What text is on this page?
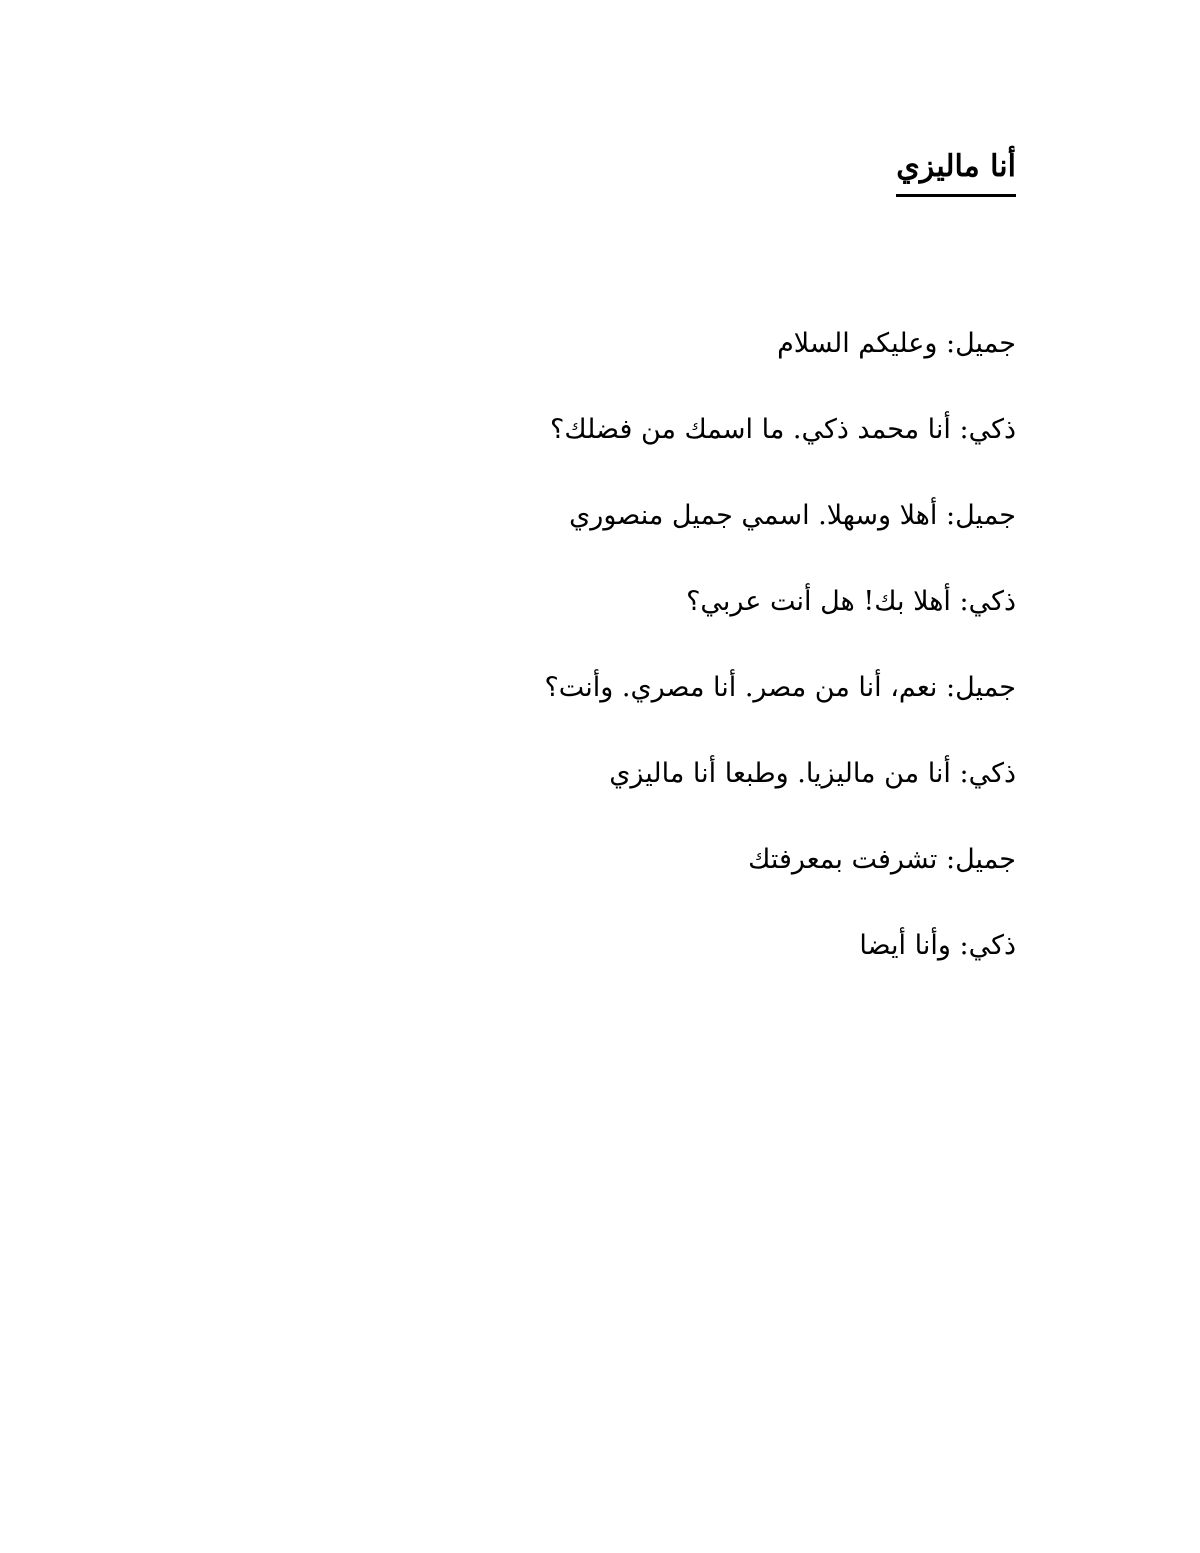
أنا ماليزي
جميل: وعليكم السلام
ذكي: أنا محمد ذكي. ما اسمك من فضلك؟
جميل: أهلا وسهلا. اسمي جميل منصوري
ذكي: أهلا بك! هل أنت عربي؟
جميل: نعم، أنا من مصر. أنا مصري. وأنت؟
ذكي: أنا من ماليزيا. وطبعا أنا ماليزي
جميل: تشرفت بمعرفتك
ذكي: وأنا أيضا
